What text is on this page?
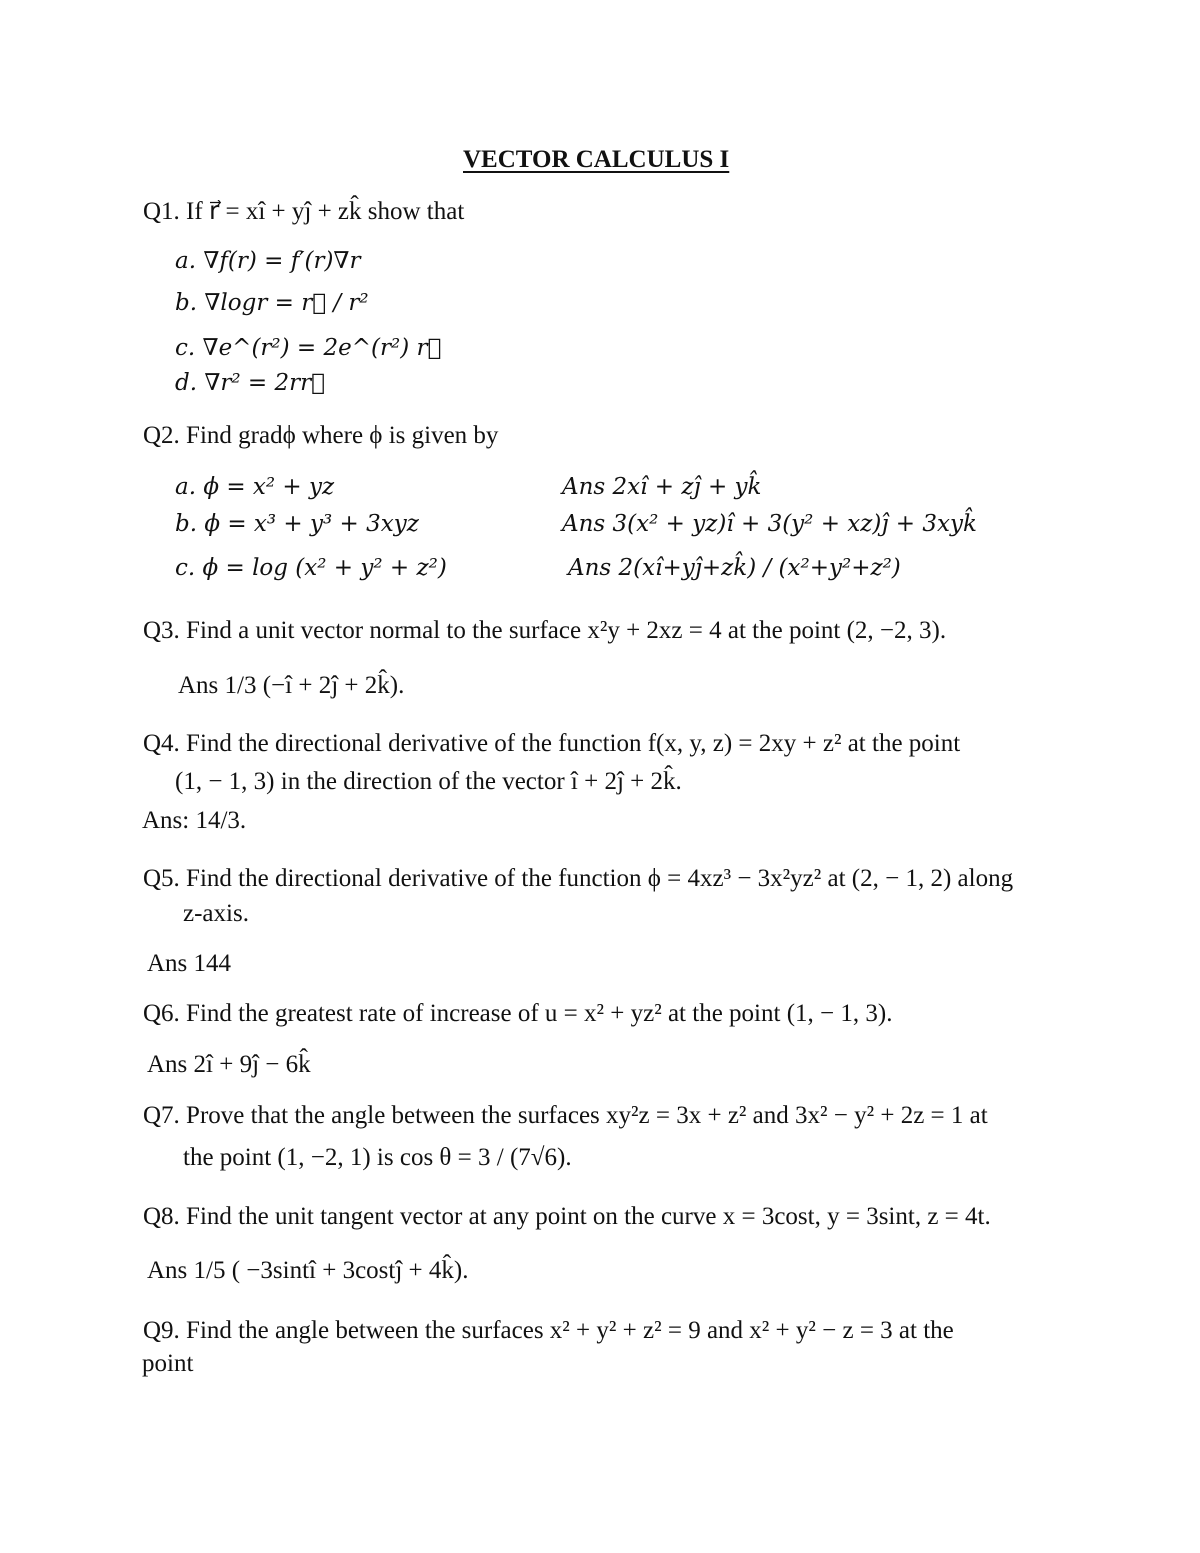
VECTOR CALCULUS I
Q1. If r⃗ = xî + yĵ + zk̂ show that
a. ∇f(r) = f′(r)∇r
b. ∇logr = r⃗ / r²
c. ∇e^(r²) = 2e^(r²) r⃗
d. ∇r² = 2rr⃗
Q2. Find gradϕ where ϕ is given by
a. ϕ = x² + yz	Ans 2xî + zĵ + yk̂
b. ϕ = x³ + y³ + 3xyz	Ans 3(x² + yz)î + 3(y² + xz)ĵ + 3xyk̂
c. ϕ = log (x² + y² + z²)	Ans 2(xî+yĵ+zk̂) / (x²+y²+z²)
Q3. Find a unit vector normal to the surface x²y + 2xz = 4 at the point (2, −2, 3).
Ans 1/3 (−î + 2ĵ + 2k̂).
Q4. Find the directional derivative of the function f(x, y, z) = 2xy + z² at the point
(1, − 1, 3) in the direction of the vector î + 2ĵ + 2k̂.
Ans: 14/3.
Q5. Find the directional derivative of the function ϕ = 4xz³ − 3x²yz² at (2, − 1, 2) along
z-axis.
Ans 144
Q6. Find the greatest rate of increase of u = x² + yz² at the point (1, − 1, 3).
Ans 2î + 9ĵ − 6k̂
Q7. Prove that the angle between the surfaces xy²z = 3x + z² and 3x² − y² + 2z = 1 at
the point (1, −2, 1) is cos θ = 3 / (7√6).
Q8. Find the unit tangent vector at any point on the curve x = 3cost, y = 3sint, z = 4t.
Ans 1/5 ( −3sintî + 3costĵ + 4k̂).
Q9. Find the angle between the surfaces x² + y² + z² = 9 and x² + y² − z = 3 at the
point
